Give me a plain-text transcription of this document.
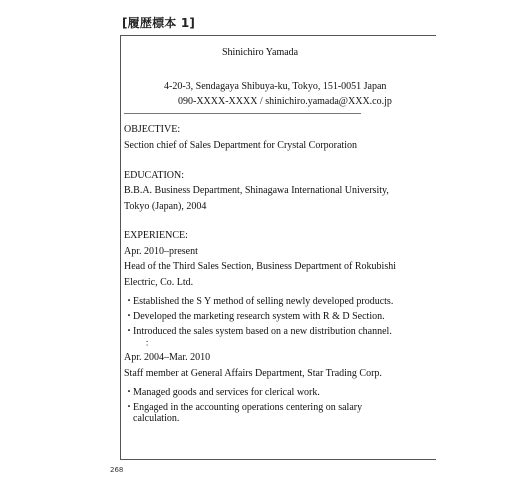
[履歴標本 1]
Shinichiro Yamada
4-20-3, Sendagaya Shibuya-ku, Tokyo, 151-0051 Japan
090-XXXX-XXXX / shinichiro.yamada@XXX.co.jp
OBJECTIVE:
Section chief of Sales Department for Crystal Corporation
EDUCATION:
B.B.A. Business Department, Shinagawa International University,
Tokyo (Japan), 2004
EXPERIENCE:
Apr. 2010–present
Head of the Third Sales Section, Business Department of Rokubishi
Electric, Co. Ltd.
・Established the S Y method of selling newly developed products.
・Developed the marketing research system with R & D Section.
・Introduced the sales system based on a new distribution channel.
：
Apr. 2004–Mar. 2010
Staff member at General Affairs Department, Star Trading Corp.
・Managed goods and services for clerical work.
・Engaged in the accounting operations centering on salary
calculation.
268
